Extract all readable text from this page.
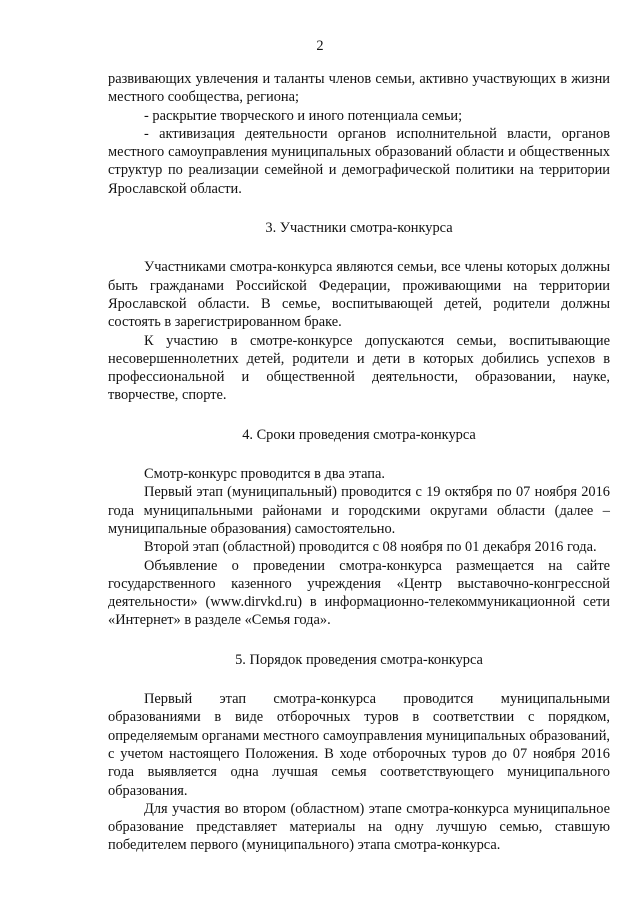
2

развивающих увлечения и таланты членов семьи, активно участвующих в жизни местного сообщества, региона;

- раскрытие творческого и иного потенциала семьи;

- активизация деятельности органов исполнительной власти, органов местного самоуправления муниципальных образований области и общественных структур по реализации семейной и демографической политики на территории Ярославской области.

3. Участники смотра-конкурса

Участниками смотра-конкурса являются семьи, все члены которых должны быть гражданами Российской Федерации, проживающими на территории Ярославской области. В семье, воспитывающей детей, родители должны состоять в зарегистрированном браке.

К участию в смотре-конкурсе допускаются семьи, воспитывающие несовершеннолетних детей, родители и дети в которых добились успехов в профессиональной и общественной деятельности, образовании, науке, творчестве, спорте.

4. Сроки проведения смотра-конкурса

Смотр-конкурс проводится в два этапа.

Первый этап (муниципальный) проводится с 19 октября по 07 ноября 2016 года муниципальными районами и городскими округами области (далее – муниципальные образования) самостоятельно.

Второй этап (областной) проводится с 08 ноября по 01 декабря 2016 года.

Объявление о проведении смотра-конкурса размещается на сайте государственного казенного учреждения «Центр выставочно-конгрессной деятельности» (www.dirvkd.ru) в информационно-телекоммуникационной сети «Интернет» в разделе «Семья года».

5. Порядок проведения смотра-конкурса

Первый этап смотра-конкурса проводится муниципальными образованиями в виде отборочных туров в соответствии с порядком, определяемым органами местного самоуправления муниципальных образований, с учетом настоящего Положения. В ходе отборочных туров до 07 ноября 2016 года выявляется одна лучшая семья соответствующего муниципального образования.

Для участия во втором (областном) этапе смотра-конкурса муниципальное образование представляет материалы на одну лучшую семью, ставшую победителем первого (муниципального) этапа смотра-конкурса.
